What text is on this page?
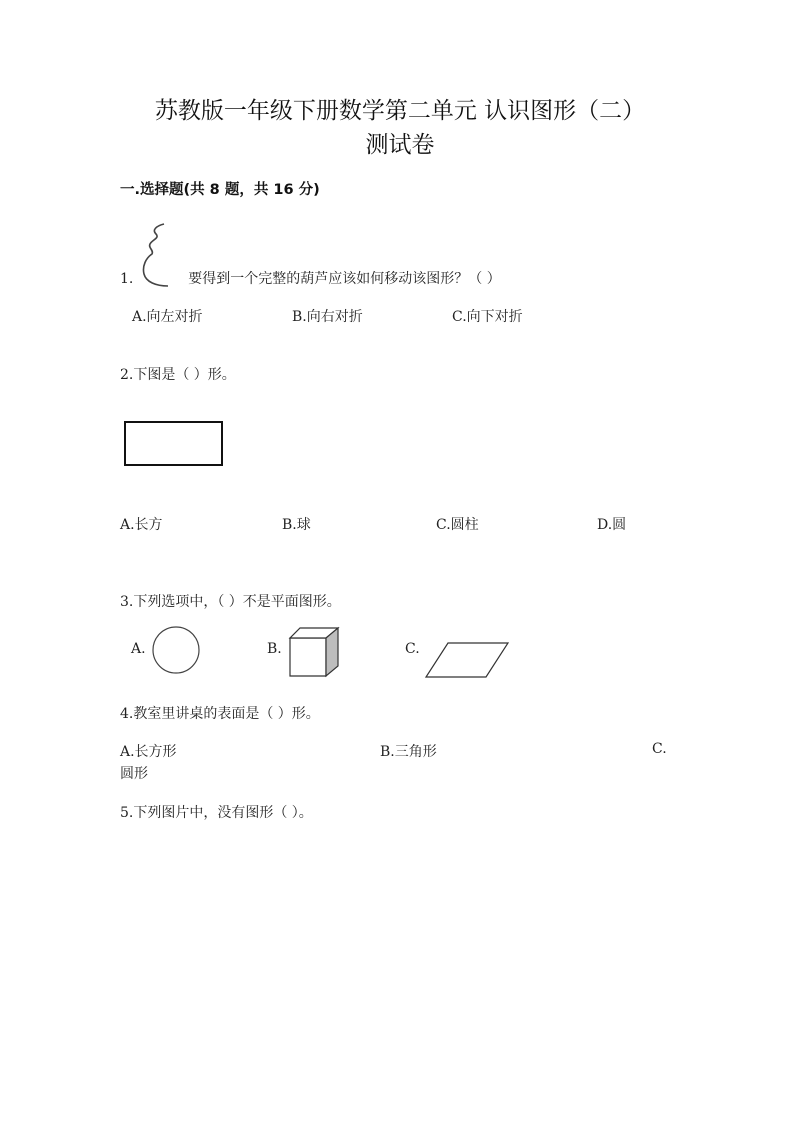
苏教版一年级下册数学第二单元 认识图形（二）
测试卷
一.选择题(共 8 题，共 16 分)
1.	要得到一个完整的葫芦应该如何移动该图形？（ ）
A.向左对折	B.向右对折	C.向下对折
2.下图是（ ）形。
A.长方	B.球	C.圆柱	D.圆
3.下列选项中，（ ）不是平面图形。
A.	B.	C.
4.教室里讲桌的表面是（ ）形。
A.长方形	B.三角形	C.
圆形
5.下列图片中，没有图形（ ）。
